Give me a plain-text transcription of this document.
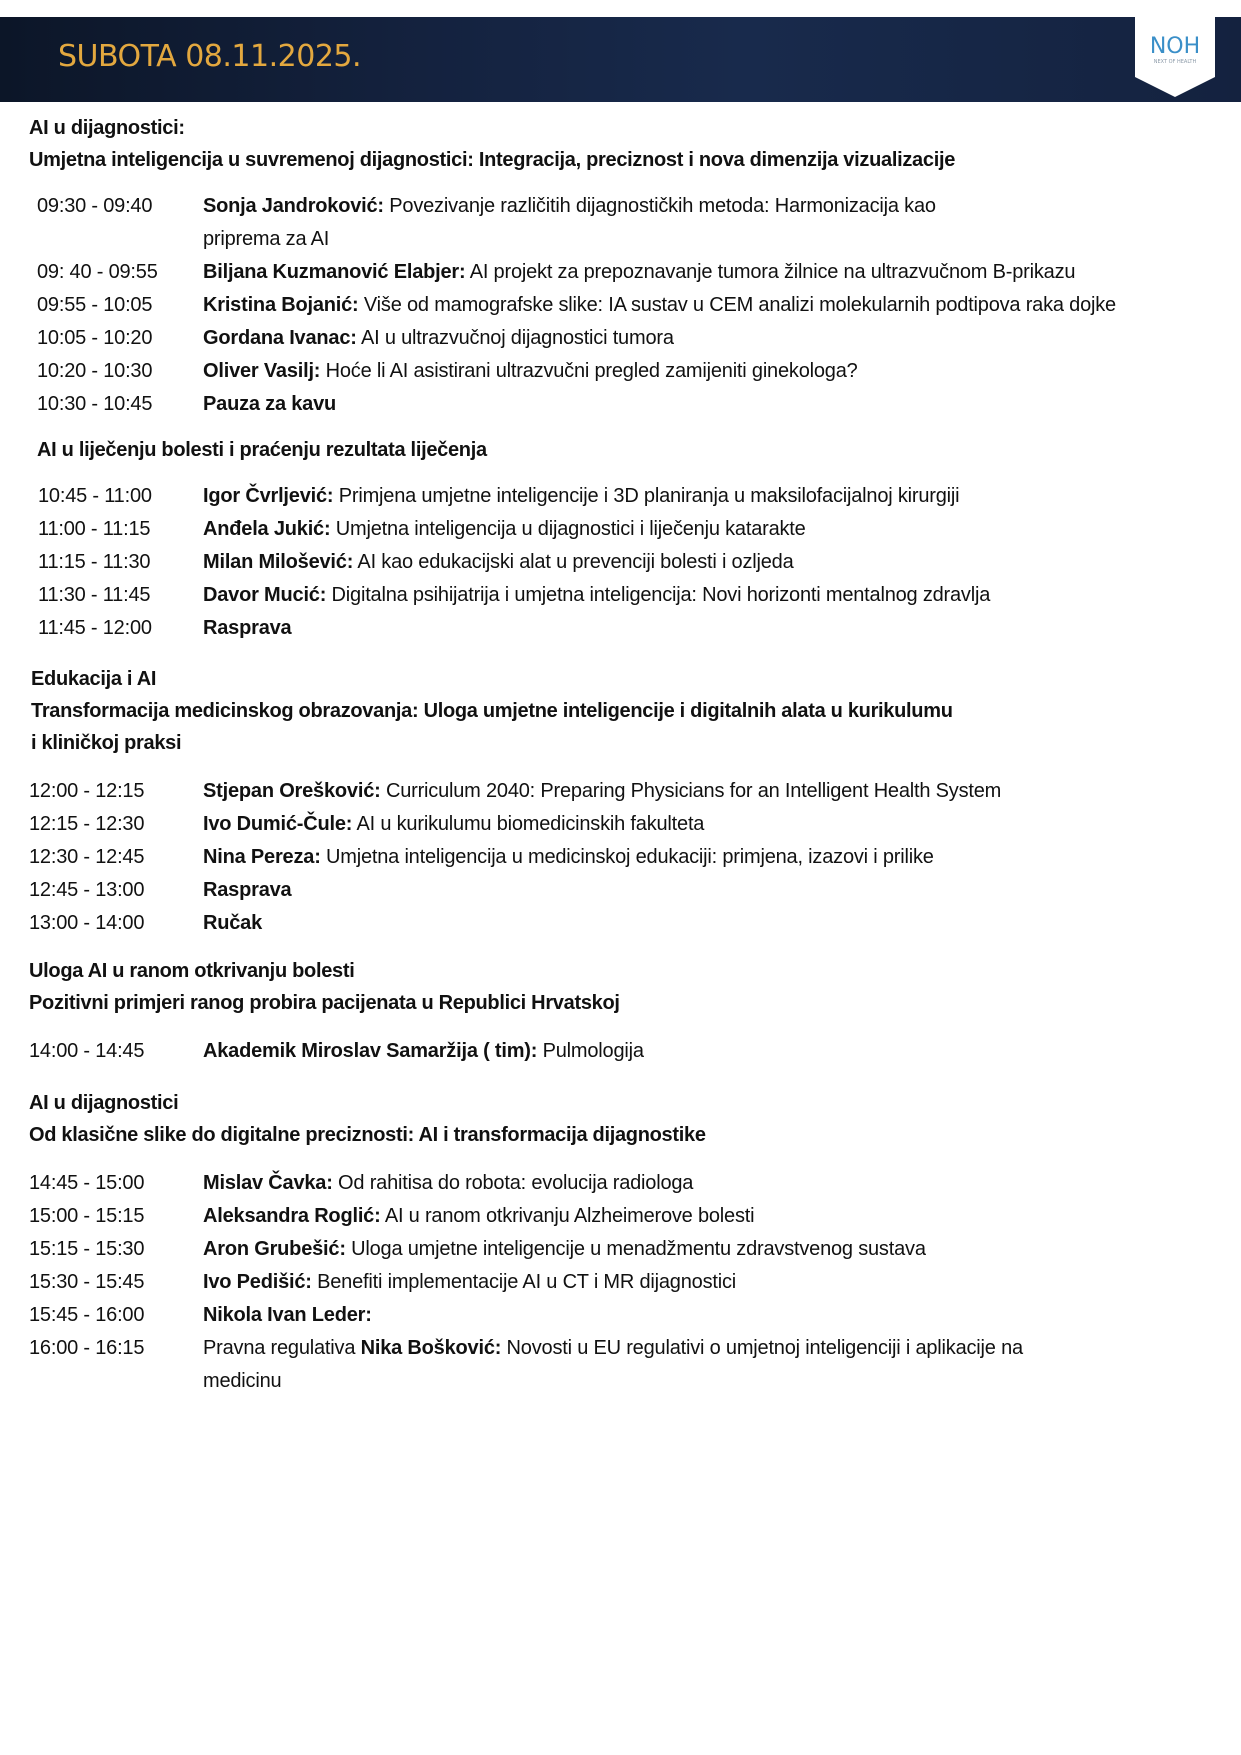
SUBOTA 08.11.2025.	NOH
NEXT OF HEALTH
AI u dijagnostici:
Umjetna inteligencija u suvremenoj dijagnostici: Integracija, preciznost i nova dimenzija vizualizacije
09:30 - 09:40	Sonja Jandroković: Povezivanje različitih dijagnostičkih metoda: Harmonizacija kao
priprema za AI
09: 40 - 09:55 Biljana Kuzmanović Elabjer: AI projekt za prepoznavanje tumora žilnice na ultrazvučnom B-prikazu
09:55 - 10:05	Kristina Bojanić: Više od mamografske slike: IA sustav u CEM analizi molekularnih podtipova raka dojke
10:05 - 10:20	Gordana Ivanac: AI u ultrazvučnoj dijagnostici tumora
10:20 - 10:30	Oliver Vasilj: Hoće li AI asistirani ultrazvučni pregled zamijeniti ginekologa?
10:30 - 10:45	Pauza za kavu
AI u liječenju bolesti i praćenju rezultata liječenja
10:45 - 11:00	Igor Čvrljević: Primjena umjetne inteligencije i 3D planiranja u maksilofacijalnoj kirurgiji
11:00 - 11:15	Anđela Jukić: Umjetna inteligencija u dijagnostici i liječenju katarakte
11:15 - 11:30	Milan Milošević: AI kao edukacijski alat u prevenciji bolesti i ozljeda
11:30 - 11:45	Davor Mucić: Digitalna psihijatrija i umjetna inteligencija: Novi horizonti mentalnog zdravlja
11:45 - 12:00	Rasprava
Edukacija i AI
Transformacija medicinskog obrazovanja: Uloga umjetne inteligencije i digitalnih alata u kurikulumu
i kliničkoj praksi
12:00 - 12:15	Stjepan Orešković: Curriculum 2040: Preparing Physicians for an Intelligent Health System
12:15 - 12:30	Ivo Dumić-Čule: AI u kurikulumu biomedicinskih fakulteta
12:30 - 12:45	Nina Pereza: Umjetna inteligencija u medicinskoj edukaciji: primjena, izazovi i prilike
12:45 - 13:00	Rasprava
13:00 - 14:00	Ručak
Uloga AI u ranom otkrivanju bolesti
Pozitivni primjeri ranog probira pacijenata u Republici Hrvatskoj
14:00 - 14:45	Akademik Miroslav Samaržija ( tim): Pulmologija
AI u dijagnostici
Od klasične slike do digitalne preciznosti: AI i transformacija dijagnostike
14:45 - 15:00	Mislav Čavka: Od rahitisa do robota: evolucija radiologa
15:00 - 15:15	Aleksandra Roglić: AI u ranom otkrivanju Alzheimerove bolesti
15:15 - 15:30	Aron Grubešić: Uloga umjetne inteligencije u menadžmentu zdravstvenog sustava
15:30 - 15:45	Ivo Pedišić: Benefiti implementacije AI u CT i MR dijagnostici
15:45 - 16:00	Nikola Ivan Leder:
16:00 - 16:15	Pravna regulativa Nika Bošković: Novosti u EU regulativi o umjetnoj inteligenciji i aplikacije na
medicinu
